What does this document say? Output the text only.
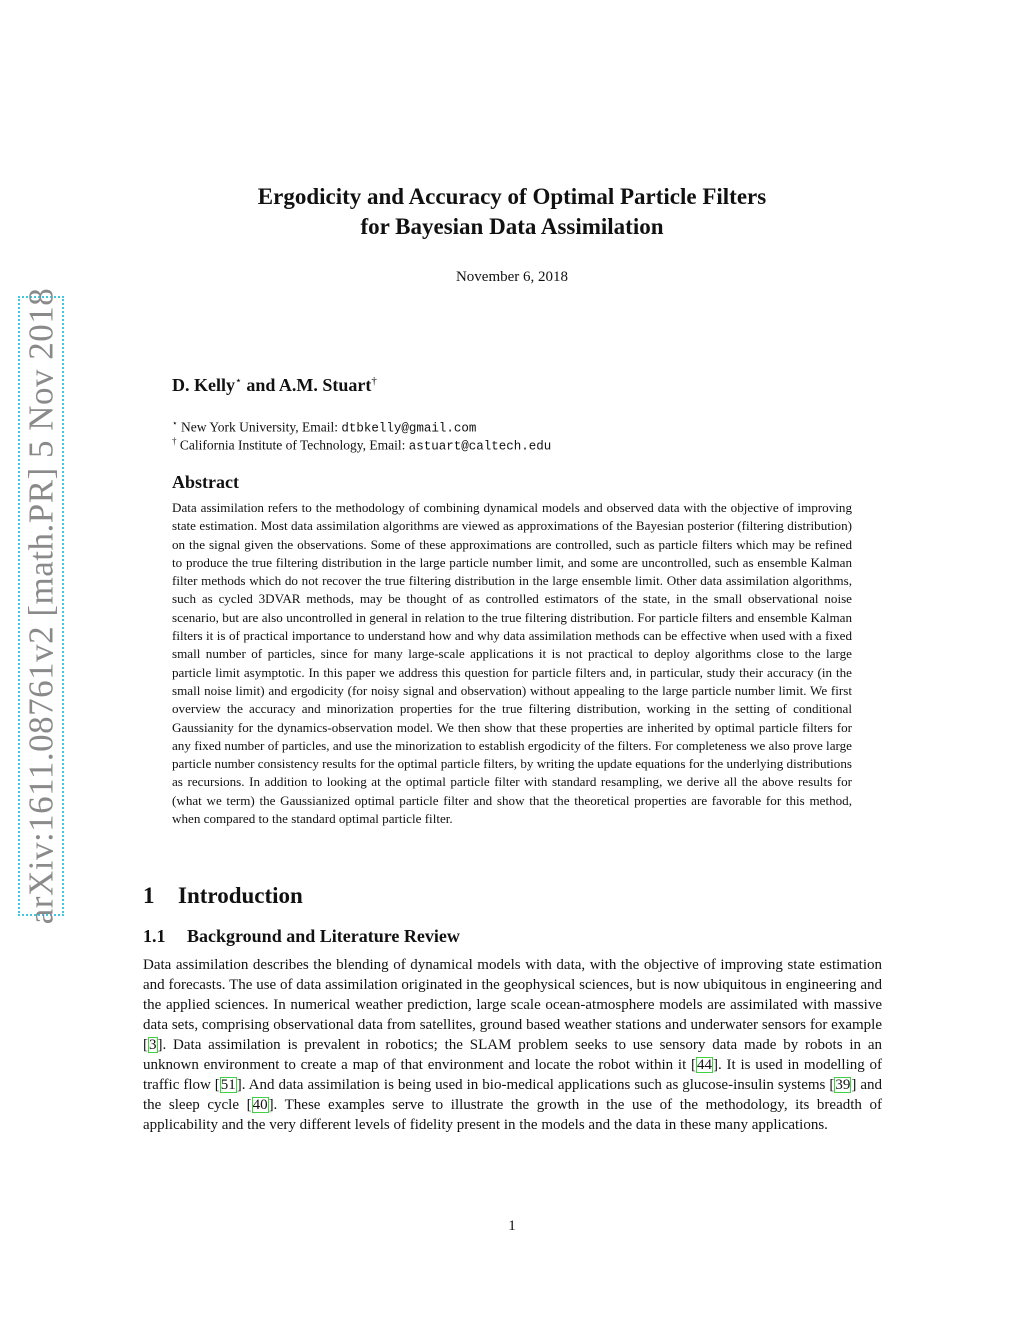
arXiv:1611.08761v2 [math.PR] 5 Nov 2018
Ergodicity and Accuracy of Optimal Particle Filters
for Bayesian Data Assimilation
November 6, 2018
D. Kelly⋆ and A.M. Stuart†
⋆ New York University, Email: dtbkelly@gmail.com
† California Institute of Technology, Email: astuart@caltech.edu
Abstract
Data assimilation refers to the methodology of combining dynamical models and observed data with the objective of improving state estimation. Most data assimilation algorithms are viewed as approximations of the Bayesian posterior (filtering distribution) on the signal given the observations. Some of these approximations are controlled, such as particle filters which may be refined to produce the true filtering distribution in the large particle number limit, and some are uncontrolled, such as ensemble Kalman filter methods which do not recover the true filtering distribution in the large ensemble limit. Other data assimilation algorithms, such as cycled 3DVAR methods, may be thought of as controlled estimators of the state, in the small observational noise scenario, but are also uncontrolled in general in relation to the true filtering distribution. For particle filters and ensemble Kalman filters it is of practical importance to understand how and why data assimilation methods can be effective when used with a fixed small number of particles, since for many large-scale applications it is not practical to deploy algorithms close to the large particle limit asymptotic. In this paper we address this question for particle filters and, in particular, study their accuracy (in the small noise limit) and ergodicity (for noisy signal and observation) without appealing to the large particle number limit. We first overview the accuracy and minorization properties for the true filtering distribution, working in the setting of conditional Gaussianity for the dynamics-observation model. We then show that these properties are inherited by optimal particle filters for any fixed number of particles, and use the minorization to establish ergodicity of the filters. For completeness we also prove large particle number consistency results for the optimal particle filters, by writing the update equations for the underlying distributions as recursions. In addition to looking at the optimal particle filter with standard resampling, we derive all the above results for (what we term) the Gaussianized optimal particle filter and show that the theoretical properties are favorable for this method, when compared to the standard optimal particle filter.
1 Introduction
1.1 Background and Literature Review
Data assimilation describes the blending of dynamical models with data, with the objective of improving state estimation and forecasts. The use of data assimilation originated in the geophysical sciences, but is now ubiquitous in engineering and the applied sciences. In numerical weather prediction, large scale ocean-atmosphere models are assimilated with massive data sets, comprising observational data from satellites, ground based weather stations and underwater sensors for example [3]. Data assimilation is prevalent in robotics; the SLAM problem seeks to use sensory data made by robots in an unknown environment to create a map of that environment and locate the robot within it [44]. It is used in modelling of traffic flow [51]. And data assimilation is being used in bio-medical applications such as glucose-insulin systems [39] and the sleep cycle [40]. These examples serve to illustrate the growth in the use of the methodology, its breadth of applicability and the very different levels of fidelity present in the models and the data in these many applications.
1
